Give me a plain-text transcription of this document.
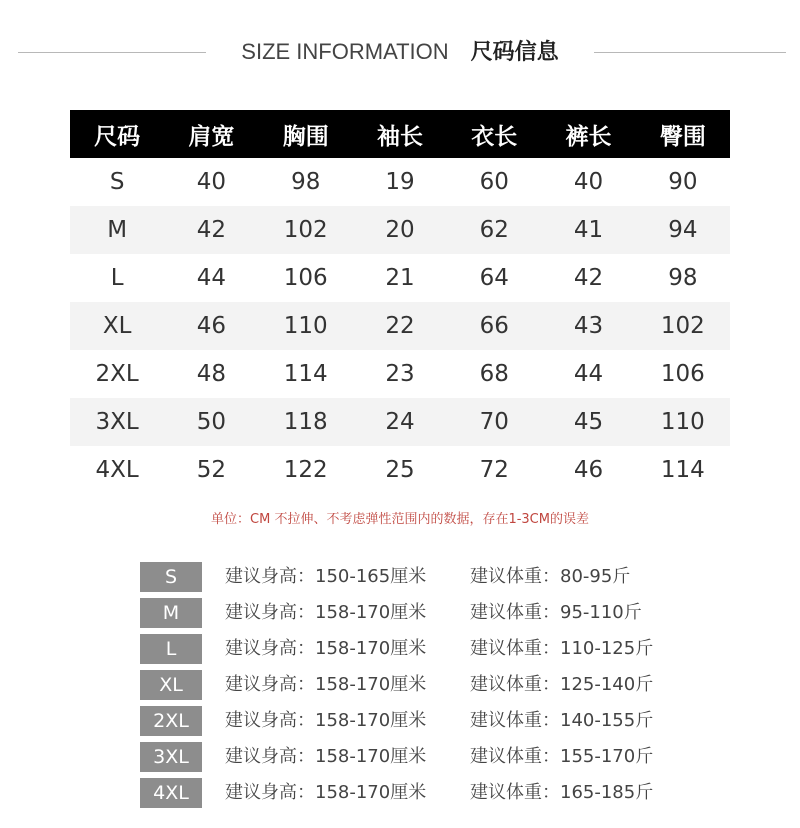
SIZE INFORMATION 尺码信息
尺码	肩宽	胸围	袖长	衣长	裤长	臀围
S	40	98	19	60	40	90
M	42	102	20	62	41	94
L	44	106	21	64	42	98
XL	46	110	22	66	43	102
2XL	48	114	23	68	44	106
3XL	50	118	24	70	45	110
4XL	52	122	25	72	46	114
单位：CM 不拉伸、不考虑弹性范围内的数据，存在1-3CM的误差
S	建议身高：150-165厘米 建议体重：80-95斤
M	建议身高：158-170厘米 建议体重：95-110斤
L	建议身高：158-170厘米 建议体重：110-125斤
XL	建议身高：158-170厘米 建议体重：125-140斤
2XL	建议身高：158-170厘米 建议体重：140-155斤
3XL	建议身高：158-170厘米 建议体重：155-170斤
4XL	建议身高：158-170厘米 建议体重：165-185斤
